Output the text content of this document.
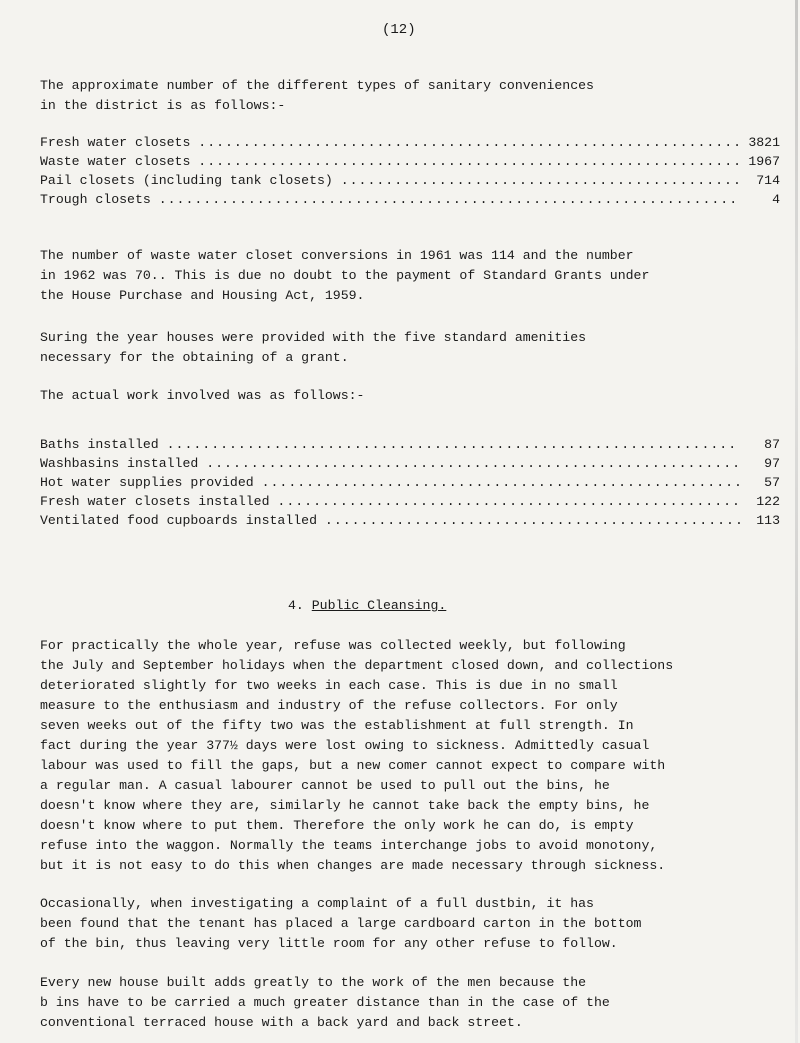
(12)

The approximate number of the different types of sanitary conveniences
in the district is as follows:-

Fresh water closets .....	3821
Waste water closets .....	1967
Pail closets (including tank closets) .....	714
Trough closets .....	4

The number of waste water closet conversions in 1961 was 114 and the number
in 1962 was 70.. This is due no doubt to the payment of Standard Grants under
the House Purchase and Housing Act, 1959.

Suring the year houses were provided with the five standard amenities
necessary for the obtaining of a grant.

The actual work involved was as follows:-

Baths installed .....	87
Washbasins installed .....	97
Hot water supplies provided .....	57
Fresh water closets installed .....	122
Ventilated food cupboards installed .....	113
4. Public Cleansing.

For practically the whole year, refuse was collected weekly, but following
the July and September holidays when the department closed down, and collections
deteriorated slightly for two weeks in each case. This is due in no small
measure to the enthusiasm and industry of the refuse collectors. For only
seven weeks out of the fifty two was the establishment at full strength. In
fact during the year 377½ days were lost owing to sickness. Admittedly casual
labour was used to fill the gaps, but a new comer cannot expect to compare with
a regular man. A casual labourer cannot be used to pull out the bins, he
doesn't know where they are, similarly he cannot take back the empty bins, he
doesn't know where to put them. Therefore the only work he can do, is empty
refuse into the waggon. Normally the teams interchange jobs to avoid monotony,
but it is not easy to do this when changes are made necessary through sickness.

Occasionally, when investigating a complaint of a full dustbin, it has
been found that the tenant has placed a large cardboard carton in the bottom
of the bin, thus leaving very little room for any other refuse to follow.

Every new house built adds greatly to the work of the men because the
b ins have to be carried a much greater distance than in the case of the
conventional terraced house with a back yard and back street.
